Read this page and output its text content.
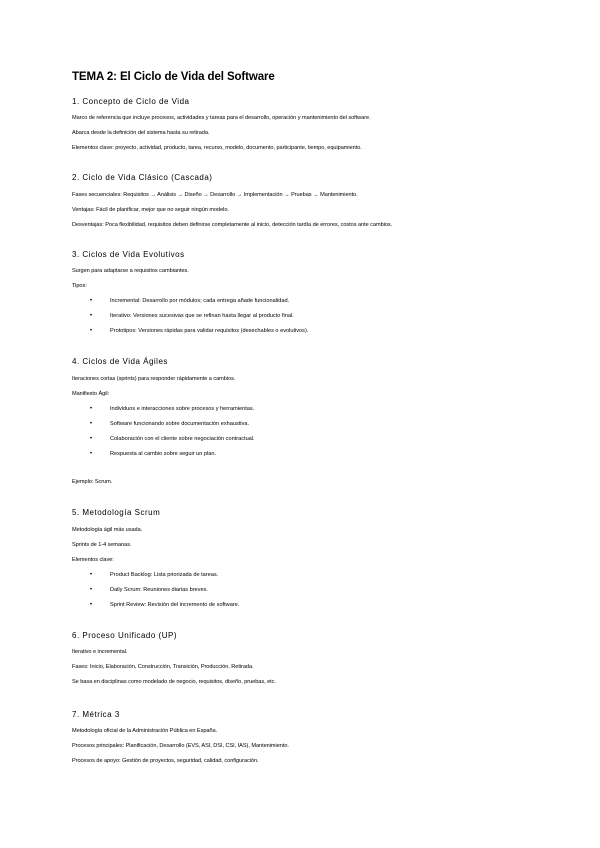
TEMA 2: El Ciclo de Vida del Software
1. Concepto de Ciclo de Vida
Marco de referencia que incluye procesos, actividades y tareas para el desarrollo, operación y mantenimiento del software.
Abarca desde la definición del sistema hasta su retirada.
Elementos clave: proyecto, actividad, producto, tarea, recurso, modelo, documento, participante, tiempo, equipamiento.
2. Ciclo de Vida Clásico (Cascada)
Fases secuenciales: Requisitos → Análisis → Diseño → Desarrollo → Implementación → Pruebas → Mantenimiento.
Ventajas: Fácil de planificar, mejor que no seguir ningún modelo.
Desventajas: Poca flexibilidad, requisitos deben definirse completamente al inicio, detección tardía de errores, costos ante cambios.
3. Ciclos de Vida Evolutivos
Surgen para adaptarse a requisitos cambiantes.
Tipos:
•	Incremental: Desarrollo por módulos; cada entrega añade funcionalidad.
•	Iterativo: Versiones sucesivas que se refinan hasta llegar al producto final.
•	Prototipos: Versiones rápidas para validar requisitos (desechables o evolutivos).
4. Ciclos de Vida Ágiles
Iteraciones cortas (sprints) para responder rápidamente a cambios.
Manifiesto Ágil:
•	Individuos e interacciones sobre procesos y herramientas.
•	Software funcionando sobre documentación exhaustiva.
•	Colaboración con el cliente sobre negociación contractual.
•	Respuesta al cambio sobre seguir un plan.
Ejemplo: Scrum.
5. Metodología Scrum
Metodología ágil más usada.
Sprints de 1-4 semanas.
Elementos clave:
•	Product Backlog: Lista priorizada de tareas.
•	Daily Scrum: Reuniones diarias breves.
•	Sprint Review: Revisión del incremento de software.
6. Proceso Unificado (UP)
Iterativo e incremental.
Fases: Inicio, Elaboración, Construcción, Transición, Producción, Retirada.
Se basa en disciplinas como modelado de negocio, requisitos, diseño, pruebas, etc.
7. Métrica 3
Metodología oficial de la Administración Pública en España.
Procesos principales: Planificación, Desarrollo (EVS, ASI, DSI, CSI, IAS), Mantenimiento.
Procesos de apoyo: Gestión de proyectos, seguridad, calidad, configuración.
